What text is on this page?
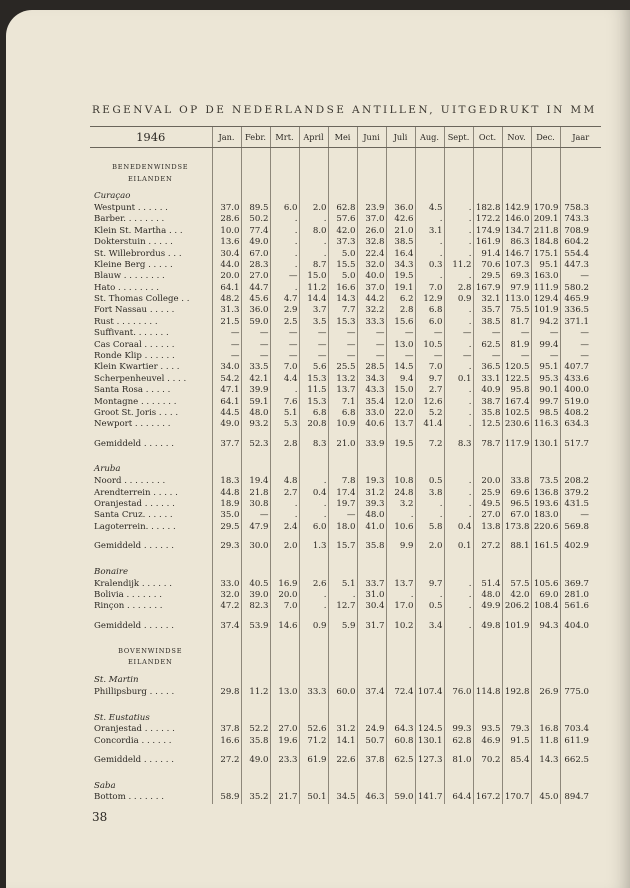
REGENVAL OP DE NEDERLANDSE ANTILLEN, UITGEDRUKT IN MM
1946	Jan.	Febr.	Mrt.	April	Mei	Juni	Juli	Aug.	Sept.	Oct.	Nov.	Dec.	Jaar

BENEDENWINDSE													
EILANDEN													
Curaçao													
Westpunt . . . . . .	37.0	89.5	6.0	2.0	62.8	23.9	36.0	4.5	.	182.8	142.9	170.9	758.3
Barber. . . . . . . .	28.6	50.2	.	.	57.6	37.0	42.6	.	.	172.2	146.0	209.1	743.3
Klein St. Martha . . .	10.0	77.4	.	8.0	42.0	26.0	21.0	3.1	.	174.9	134.7	211.8	708.9
Dokterstuin . . . . .	13.6	49.0	.	.	37.3	32.8	38.5	.	.	161.9	86.3	184.8	604.2
St. Willebrordus . . .	30.4	67.0	.	.	5.0	22.4	16.4	.	.	91.4	146.7	175.1	554.4
Kleine Berg . . . . .	44.0	28.3	.	8.7	15.5	32.0	34.3	0.3	11.2	70.6	107.3	95.1	447.3
Blauw . . . . . . . .	20.0	27.0	—	15.0	5.0	40.0	19.5	.	.	29.5	69.3	163.0	—
Hato . . . . . . . .	64.1	44.7	.	11.2	16.6	37.0	19.1	7.0	2.8	167.9	97.9	111.9	580.2
St. Thomas College . .	48.2	45.6	4.7	14.4	14.3	44.2	6.2	12.9	0.9	32.1	113.0	129.4	465.9
Fort Nassau . . . . .	31.3	36.0	2.9	3.7	7.7	32.2	2.8	6.8	.	35.7	75.5	101.9	336.5
Rust . . . . . . . .	21.5	59.0	2.5	3.5	15.3	33.3	15.6	6.0	.	38.5	81.7	94.2	371.1
Suffivant. . . . . . .	—	—	—	—	—	—	—	—	—	—	—	—	—
Cas Coraal . . . . . .	—	—	—	—	—	—	13.0	10.5	.	62.5	81.9	99.4	—
Ronde Klip . . . . . .	—	—	—	—	—	—	—	—	—	—	—	—	—
Klein Kwartier . . . .	34.0	33.5	7.0	5.6	25.5	28.5	14.5	7.0	.	36.5	120.5	95.1	407.7
Scherpenheuvel . . . .	54.2	42.1	4.4	15.3	13.2	34.3	9.4	9.7	0.1	33.1	122.5	95.3	433.6
Santa Rosa . . . . .	47.1	39.9	.	11.5	13.7	43.3	15.0	2.7	.	40.9	95.8	90.1	400.0
Montagne . . . . . . .	64.1	59.1	7.6	15.3	7.1	35.4	12.0	12.6	.	38.7	167.4	99.7	519.0
Groot St. Joris . . . .	44.5	48.0	5.1	6.8	6.8	33.0	22.0	5.2	.	35.8	102.5	98.5	408.2
Newport . . . . . . .	49.0	93.2	5.3	20.8	10.9	40.6	13.7	41.4	.	12.5	230.6	116.3	634.3

Gemiddeld . . . . . .	37.7	52.3	2.8	8.3	21.0	33.9	19.5	7.2	8.3	78.7	117.9	130.1	517.7

Aruba													
Noord . . . . . . . .	18.3	19.4	4.8	.	7.8	19.3	10.8	0.5	.	20.0	33.8	73.5	208.2
Arendterrein . . . . .	44.8	21.8	2.7	0.4	17.4	31.2	24.8	3.8	.	25.9	69.6	136.8	379.2
Oranjestad . . . . . .	18.9	30.8	.	.	19.7	39.3	3.2	.	.	49.5	96.5	193.6	431.5
Santa Cruz. . . . . .	35.0	—	.	.	—	48.0	.	.	.	27.0	67.0	183.0	—
Lagoterrein. . . . . .	29.5	47.9	2.4	6.0	18.0	41.0	10.6	5.8	0.4	13.8	173.8	220.6	569.8

Gemiddeld . . . . . .	29.3	30.0	2.0	1.3	15.7	35.8	9.9	2.0	0.1	27.2	88.1	161.5	402.9

Bonaire													
Kralendijk . . . . . .	33.0	40.5	16.9	2.6	5.1	33.7	13.7	9.7	.	51.4	57.5	105.6	369.7
Bolivia . . . . . . .	32.0	39.0	20.0	.	.	31.0	.	.	.	48.0	42.0	69.0	281.0
Rinçon . . . . . . .	47.2	82.3	7.0	.	12.7	30.4	17.0	0.5	.	49.9	206.2	108.4	561.6

Gemiddeld . . . . . .	37.4	53.9	14.6	0.9	5.9	31.7	10.2	3.4	.	49.8	101.9	94.3	404.0

BOVENWINDSE													
EILANDEN													
St. Martin													
Phillipsburg . . . . .	29.8	11.2	13.0	33.3	60.0	37.4	72.4	107.4	76.0	114.8	192.8	26.9	775.0

St. Eustatius													
Oranjestad . . . . . .	37.8	52.2	27.0	52.6	31.2	24.9	64.3	124.5	99.3	93.5	79.3	16.8	703.4
Concordia . . . . . .	16.6	35.8	19.6	71.2	14.1	50.7	60.8	130.1	62.8	46.9	91.5	11.8	611.9

Gemiddeld . . . . . .	27.2	49.0	23.3	61.9	22.6	37.8	62.5	127.3	81.0	70.2	85.4	14.3	662.5

Saba													
Bottom . . . . . . .	58.9	35.2	21.7	50.1	34.5	46.3	59.0	141.7	64.4	167.2	170.7	45.0	894.7
38
